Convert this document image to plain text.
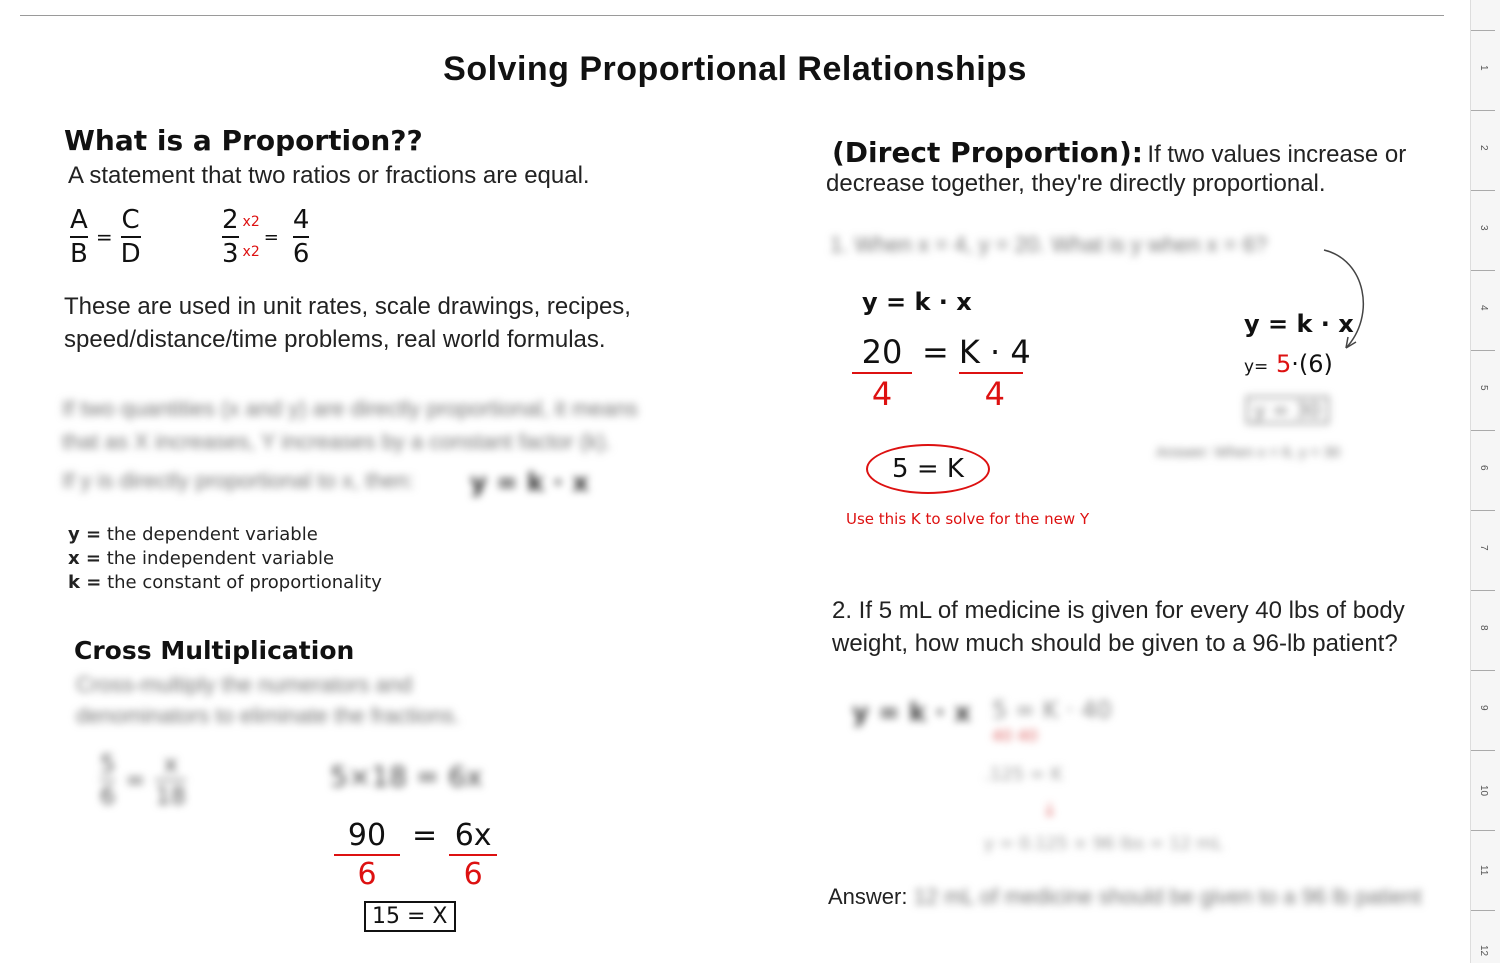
Solving Proportional Relationships
What is a Proportion??
A statement that two ratios or fractions are equal.
$\frac{A}{B} = \frac{C}{D}$	$\frac{2}{3} x2$
x2
= $\frac{4}{6}$
These are used in unit rates, scale drawings, recipes,
speed/distance/time problems, real world formulas.
If two quantities (x and y) are directly proportional, it means
that as X increases, Y increases by a constant factor (k).
If y is directly proportional to x, then: y = k · x
y = the dependent variable
x = the independent variable
k = the constant of proportionality
Cross Multiplication
Cross-multiply the numerators and
denominators to eliminate the fractions.
$\frac{5}{6} = \frac{x}{18}$	5×18 = 6x
$\frac{90}{6} = \frac{6x}{6}$
15 = X
(Direct Proportion): If two values increase or
decrease together, they're directly proportional.
1. When x = 4, y = 20. What is y when x = 6?
y = k · x
$\frac{20}{4} = \frac{K \cdot 4}{4}$
5 = K
Use this K to solve for the new Y
y = k · x
y= 5·(6)
y = 30
Answer: When x = 6, y = 30
2. If 5 mL of medicine is given for every 40 lbs of body
weight, how much should be given to a 96-lb patient?
y = k · x 5 = K · 40
40 40
.125 = K
↓
y = 0.125 × 96 lbs = 12 mL
Answer: 12 mL of medicine should be given to a 96 lb patient
1
2
3
4
5
6
7
8
9
10
11
12
